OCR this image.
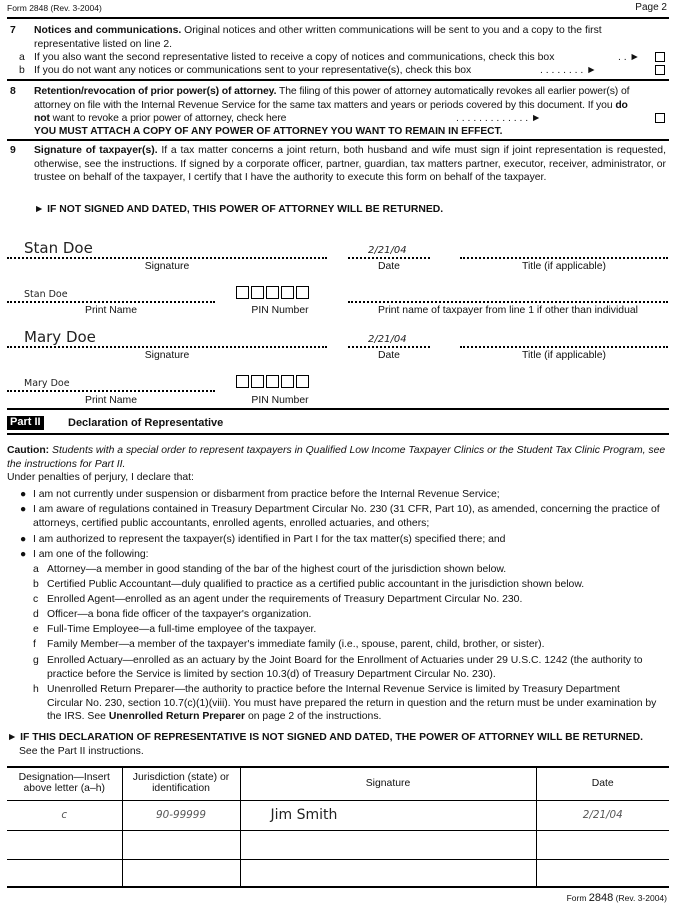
Form 2848 (Rev. 3-2004)	Page 2
7 Notices and communications. Original notices and other written communications will be sent to you and a copy to the first representative listed on line 2.
a If you also want the second representative listed to receive a copy of notices and communications, check this box	. . ►
b If you do not want any notices or communications sent to your representative(s), check this box	. . . . . . . . ►
8 Retention/revocation of prior power(s) of attorney. The filing of this power of attorney automatically revokes all earlier power(s) of attorney on file with the Internal Revenue Service for the same tax matters and years or periods covered by this document. If you do not want to revoke a prior power of attorney, check here	. . . . . . . . . . . . . ►
YOU MUST ATTACH A COPY OF ANY POWER OF ATTORNEY YOU WANT TO REMAIN IN EFFECT.
9 Signature of taxpayer(s). If a tax matter concerns a joint return, both husband and wife must sign if joint representation is requested, otherwise, see the instructions. If signed by a corporate officer, partner, guardian, tax matters partner, executor, receiver, administrator, or trustee on behalf of the taxpayer, I certify that I have the authority to execute this form on behalf of the taxpayer.
► IF NOT SIGNED AND DATED, THIS POWER OF ATTORNEY WILL BE RETURNED.
Stan Doe	2/21/04
Signature	Date	Title (if applicable)
Stan Doe
Print Name	PIN Number	Print name of taxpayer from line 1 if other than individual
Mary Doe	2/21/04
Signature	Date	Title (if applicable)
Mary Doe
Print Name	PIN Number
Part II Declaration of Representative
Caution: Students with a special order to represent taxpayers in Qualified Low Income Taxpayer Clinics or the Student Tax Clinic Program, see the instructions for Part II.
Under penalties of perjury, I declare that:
● I am not currently under suspension or disbarment from practice before the Internal Revenue Service;
● I am aware of regulations contained in Treasury Department Circular No. 230 (31 CFR, Part 10), as amended, concerning the practice of attorneys, certified public accountants, enrolled agents, enrolled actuaries, and others;
● I am authorized to represent the taxpayer(s) identified in Part I for the tax matter(s) specified there; and
● I am one of the following:
a Attorney—a member in good standing of the bar of the highest court of the jurisdiction shown below.
b Certified Public Accountant—duly qualified to practice as a certified public accountant in the jurisdiction shown below.
c Enrolled Agent—enrolled as an agent under the requirements of Treasury Department Circular No. 230.
d Officer—a bona fide officer of the taxpayer's organization.
e Full-Time Employee—a full-time employee of the taxpayer.
f Family Member—a member of the taxpayer's immediate family (i.e., spouse, parent, child, brother, or sister).
g Enrolled Actuary—enrolled as an actuary by the Joint Board for the Enrollment of Actuaries under 29 U.S.C. 1242 (the authority to practice before the Service is limited by section 10.3(d) of Treasury Department Circular No. 230).
h Unenrolled Return Preparer—the authority to practice before the Internal Revenue Service is limited by Treasury Department Circular No. 230, section 10.7(c)(1)(viii). You must have prepared the return in question and the return must be under examination by the IRS. See Unenrolled Return Preparer on page 2 of the instructions.
► IF THIS DECLARATION OF REPRESENTATIVE IS NOT SIGNED AND DATED, THE POWER OF ATTORNEY WILL BE RETURNED. See the Part II instructions.
Designation—Insert above letter (a–h)	Jurisdiction (state) or identification	Signature	Date
c	90-99999	Jim Smith	2/21/04

Form 2848 (Rev. 3-2004)
